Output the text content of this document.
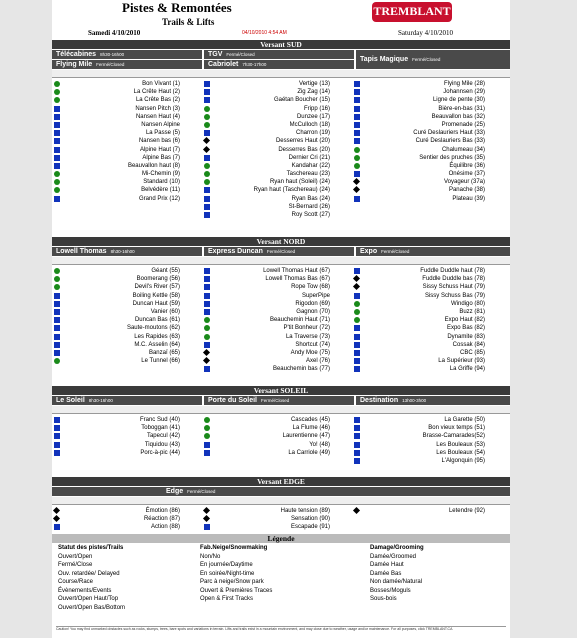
Pistes & Remontées
Trails & Lifts
TREMBLANT
Samedi 4/10/2010	04/10/2010 4:54 AM	Saturday 4/10/2010
Versant SUD
Télécabines 8h30-16h00
Flying Mile Fermé/Closed
TGV Fermé/Closed
Cabriolet 7h30-17h00
Tapis Magique Fermé/Closed
Bon Vivant (1)
La Crête Haut (2)
La Crête Bas (2)
Nansen Pitch (3)
Nansen Haut (4)
Nansen Alpine
La Passe (5)
Nansen bas (6)
Alpine Haut (7)
Alpine Bas (7)
Beauvallon haut (8)
Mi-Chemin (9)
Standard (10)
Belvédère (11)
Grand Prix (12)
Vertige (13)
Zig Zag (14)
Gaétan Boucher (15)
Fripp (16)
Dunzee (17)
McCulloch (18)
Charron (19)
Desserres Haut (20)
Desserres Bas (20)
Dernier Cri (21)
Kandahar (22)
Taschereau (23)
Ryan haut (Soleil) (24)
Ryan haut (Taschereau) (24)
Ryan Bas (24)
St-Bernard (26)
Roy Scott (27)
Flying Mile (28)
Johannsen (29)
Ligne de pente (30)
Bière-en-bas (31)
Beauvallon bas (32)
Promenade (25)
Curé Deslauriers Haut (33)
Curé Deslauriers Bas (33)
Chalumeau (34)
Sentier des pruches (35)
Équilibre (36)
Onésime (37)
Voyageur (37a)
Panache (38)
Plateau (39)
Versant NORD
Lowell Thomas 8h30-16h00	Express Duncan Fermé/Closed	Expo Fermé/Closed
Géant (55)
Boomerang (56)
Devil's River (57)
Boiling Kettle (58)
Duncan Haut (59)
Vanier (60)
Duncan Bas (61)
Saute-moutons (62)
Les Rapides (63)
M.C. Asselin (64)
Banzaï (65)
Le Tunnel (66)
Lowell Thomas Haut (67)
Lowell Thomas Bas (67)
Rope Tow (68)
SuperPipe
Rigodon (69)
Gagnon (70)
Beauchemin Haut (71)
P'tit Bonheur (72)
La Traverse (73)
Shortcut (74)
Andy Moe (75)
Axel (76)
Beauchemin bas (77)
Fuddle Duddle haut (78)
Fuddle Duddle bas (78)
Sissy Schuss Haut (79)
Sissy Schuss Bas (79)
Windigo (80)
Buzz (81)
Expo Haut (82)
Expo Bas (82)
Dynamite (83)
Cossak (84)
CBC (85)
La Supérieur (93)
La Griffe (94)
Versant SOLEIL
Le Soleil 8h30-16h00	Porte du Soleil Fermé/Closed	Destination 13h00-3h00
Franc Sud (40)
Toboggan (41)
Tapecul (42)
Tiquidou (43)
Porc-à-pic (44)
Cascades (45)
La Flume (46)
Laurentienne (47)
Yo! (48)
La Carriole (49)
La Garette (50)
Bon vieux temps (51)
Brasse-Camarades(52)
Les Bouleaux (53)
Les Bouleaux (54)
L'Algonquin (95)
Versant EDGE
Edge Fermé/Closed
Émotion (86)
Réaction (87)
Action (88)
Haute tension (89)
Sensation (90)
Escapade (91)
Letendre (92)
Légende
Statut des pistes/Trails
Ouvert/Open
Fermé/Close
Ouv. retardée/ Delayed
Course/Race
Évènements/Events
Ouvert/Open Haut/Top
Ouvert/Open Bas/Bottom
Fab.Neige/Snowmaking
Non/No
En journée/Daytime
En soirée/Night-time
Parc à neige/Snow park
Ouvert & Premières Traces
Open & First Tracks
Damage/Grooming
Damée/Groomed
Damée Haut
Damée Bas
Non damée/Natural
Bosses/Moguls
Sous-bois
Caution! You may find unmarked obstacles such as rocks, stumps, trees, bare spots and variations in terrain. Lifts and trails exist in a mountain environment, and may close due to weather, usage and/or maintenance. For all purposes, click TREMBLANT.CA
